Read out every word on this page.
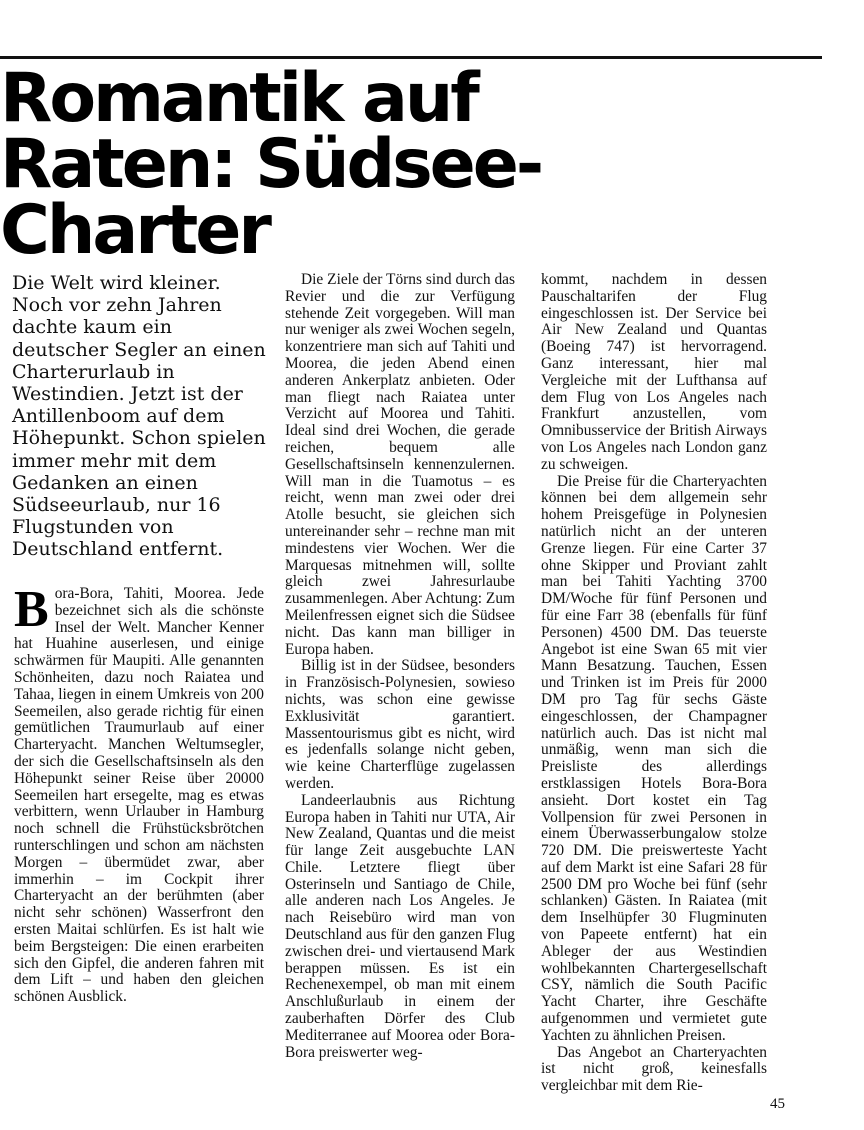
Romantik auf
Raten: Südsee-
Charter

Die Welt wird kleiner. Noch vor zehn Jahren dachte kaum ein deutscher Segler an einen Charterurlaub in Westindien. Jetzt ist der Antillenboom auf dem Höhepunkt. Schon spielen immer mehr mit dem Gedanken an einen Südseeurlaub, nur 16 Flugstunden von Deutschland entfernt.

B ora-Bora, Tahiti, Moorea. Jede bezeichnet sich als die schönste Insel der Welt. Mancher Kenner hat Huahine auserlesen, und einige schwärmen für Maupiti. Alle genannten Schönheiten, dazu noch Raiatea und Tahaa, liegen in einem Umkreis von 200 Seemeilen, also gerade richtig für einen gemütlichen Traumurlaub auf einer Charteryacht. Manchen Weltumsegler, der sich die Gesellschaftsinseln als den Höhepunkt seiner Reise über 20000 Seemeilen hart ersegelte, mag es etwas verbittern, wenn Urlauber in Hamburg noch schnell die Frühstücksbrötchen runterschlingen und schon am nächsten Morgen – übermüdet zwar, aber immerhin – im Cockpit ihrer Charteryacht an der berühmten (aber nicht sehr schönen) Wasserfront den ersten Maitai schlürfen. Es ist halt wie beim Bergsteigen: Die einen erarbeiten sich den Gipfel, die anderen fahren mit dem Lift – und haben den gleichen schönen Ausblick.

Die Ziele der Törns sind durch das Revier und die zur Verfügung stehende Zeit vorgegeben. Will man nur weniger als zwei Wochen segeln, konzentriere man sich auf Tahiti und Moorea, die jeden Abend einen anderen Ankerplatz anbieten. Oder man fliegt nach Raiatea unter Verzicht auf Moorea und Tahiti. Ideal sind drei Wochen, die gerade reichen, bequem alle Gesellschaftsinseln kennenzulernen. Will man in die Tuamotus – es reicht, wenn man zwei oder drei Atolle besucht, sie gleichen sich untereinander sehr – rechne man mit mindestens vier Wochen. Wer die Marquesas mitnehmen will, sollte gleich zwei Jahresurlaube zusammenlegen. Aber Achtung: Zum Meilenfressen eignet sich die Südsee nicht. Das kann man billiger in Europa haben.

Billig ist in der Südsee, besonders in Französisch-Polynesien, sowieso nichts, was schon eine gewisse Exklusivität garantiert. Massentourismus gibt es nicht, wird es jedenfalls solange nicht geben, wie keine Charterflüge zugelassen werden.

Landeerlaubnis aus Richtung Europa haben in Tahiti nur UTA, Air New Zealand, Quantas und die meist für lange Zeit ausgebuchte LAN Chile. Letztere fliegt über Osterinseln und Santiago de Chile, alle anderen nach Los Angeles. Je nach Reisebüro wird man von Deutschland aus für den ganzen Flug zwischen drei- und viertausend Mark berappen müssen. Es ist ein Rechenexempel, ob man mit einem Anschlußurlaub in einem der zauberhaften Dörfer des Club Mediterranee auf Moorea oder Bora-Bora preiswerter weg-

kommt, nachdem in dessen Pauschaltarifen der Flug eingeschlossen ist. Der Service bei Air New Zealand und Quantas (Boeing 747) ist hervorragend. Ganz interessant, hier mal Vergleiche mit der Lufthansa auf dem Flug von Los Angeles nach Frankfurt anzustellen, vom Omnibusservice der British Airways von Los Angeles nach London ganz zu schweigen.

Die Preise für die Charteryachten können bei dem allgemein sehr hohem Preisgefüge in Polynesien natürlich nicht an der unteren Grenze liegen. Für eine Carter 37 ohne Skipper und Proviant zahlt man bei Tahiti Yachting 3700 DM/Woche für fünf Personen und für eine Farr 38 (ebenfalls für fünf Personen) 4500 DM. Das teuerste Angebot ist eine Swan 65 mit vier Mann Besatzung. Tauchen, Essen und Trinken ist im Preis für 2000 DM pro Tag für sechs Gäste eingeschlossen, der Champagner natürlich auch. Das ist nicht mal unmäßig, wenn man sich die Preisliste des allerdings erstklassigen Hotels Bora-Bora ansieht. Dort kostet ein Tag Vollpension für zwei Personen in einem Überwasserbungalow stolze 720 DM. Die preiswerteste Yacht auf dem Markt ist eine Safari 28 für 2500 DM pro Woche bei fünf (sehr schlanken) Gästen. In Raiatea (mit dem Inselhüpfer 30 Flugminuten von Papeete entfernt) hat ein Ableger der aus Westindien wohlbekannten Chartergesellschaft CSY, nämlich die South Pacific Yacht Charter, ihre Geschäfte aufgenommen und vermietet gute Yachten zu ähnlichen Preisen.

Das Angebot an Charteryachten ist nicht groß, keinesfalls vergleichbar mit dem Rie-

45
